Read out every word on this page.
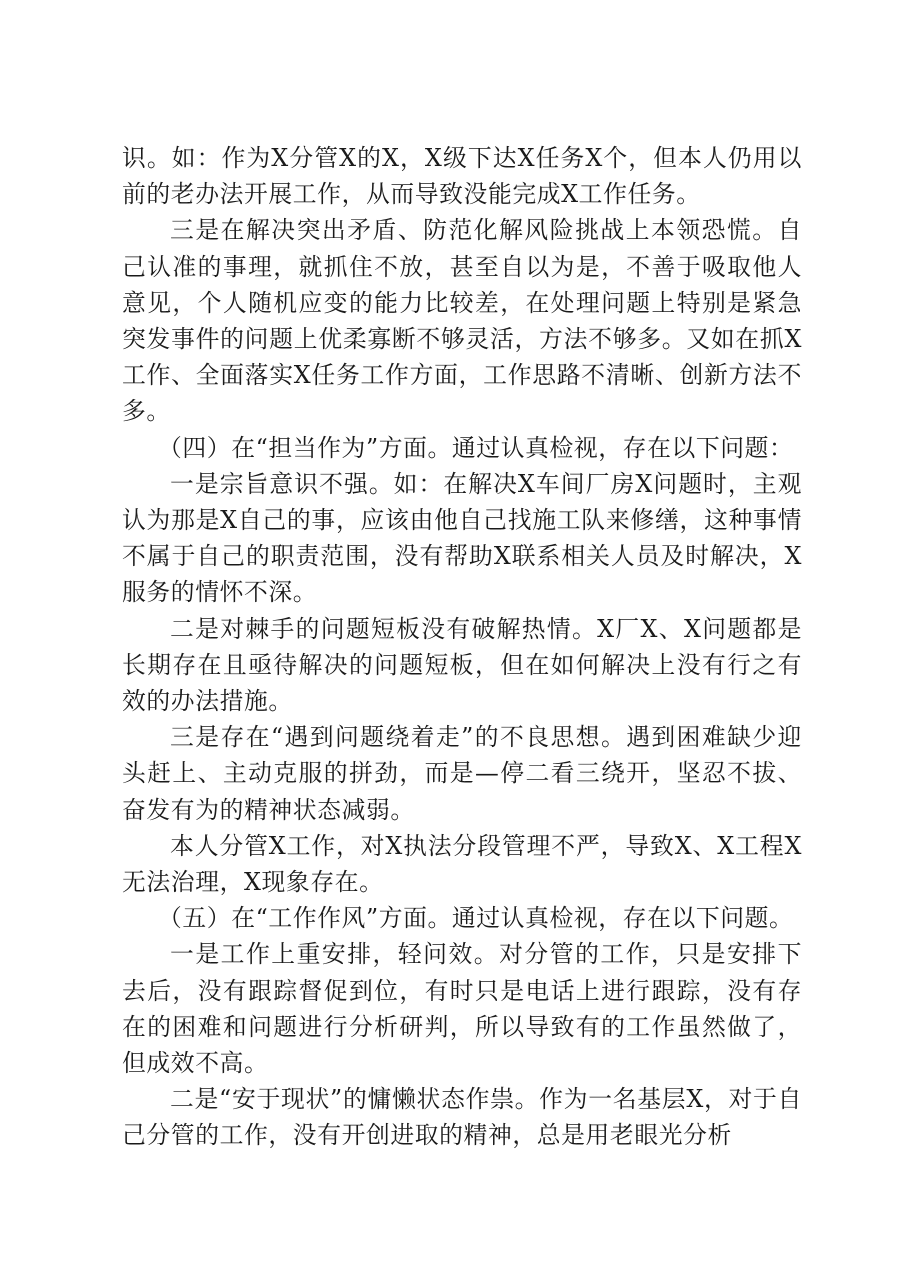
识。如：作为X分管X的X，X级下达X任务X个，但本人仍用以前的老办法开展工作，从而导致没能完成X工作任务。

三是在解决突出矛盾、防范化解风险挑战上本领恐慌。自己认准的事理，就抓住不放，甚至自以为是，不善于吸取他人意见，个人随机应变的能力比较差，在处理问题上特别是紧急突发事件的问题上优柔寡断不够灵活，方法不够多。又如在抓X工作、全面落实X任务工作方面，工作思路不清晰、创新方法不多。

（四）在“担当作为”方面。通过认真检视，存在以下问题：

一是宗旨意识不强。如：在解决X车间厂房X问题时，主观认为那是X自己的事，应该由他自己找施工队来修缮，这种事情不属于自己的职责范围，没有帮助X联系相关人员及时解决，X服务的情怀不深。

二是对棘手的问题短板没有破解热情。X厂X、X问题都是长期存在且亟待解决的问题短板，但在如何解决上没有行之有效的办法措施。

三是存在“遇到问题绕着走”的不良思想。遇到困难缺少迎头赶上、主动克服的拼劲，而是—停二看三绕开，坚忍不拔、奋发有为的精神状态减弱。

本人分管X工作，对X执法分段管理不严，导致X、X工程X无法治理，X现象存在。

（五）在“工作作风”方面。通过认真检视，存在以下问题。

一是工作上重安排，轻问效。对分管的工作，只是安排下去后，没有跟踪督促到位，有时只是电话上进行跟踪，没有存在的困难和问题进行分析研判，所以导致有的工作虽然做了，但成效不高。

二是“安于现状”的慵懒状态作祟。作为一名基层X，对于自己分管的工作，没有开创进取的精神，总是用老眼光分析
